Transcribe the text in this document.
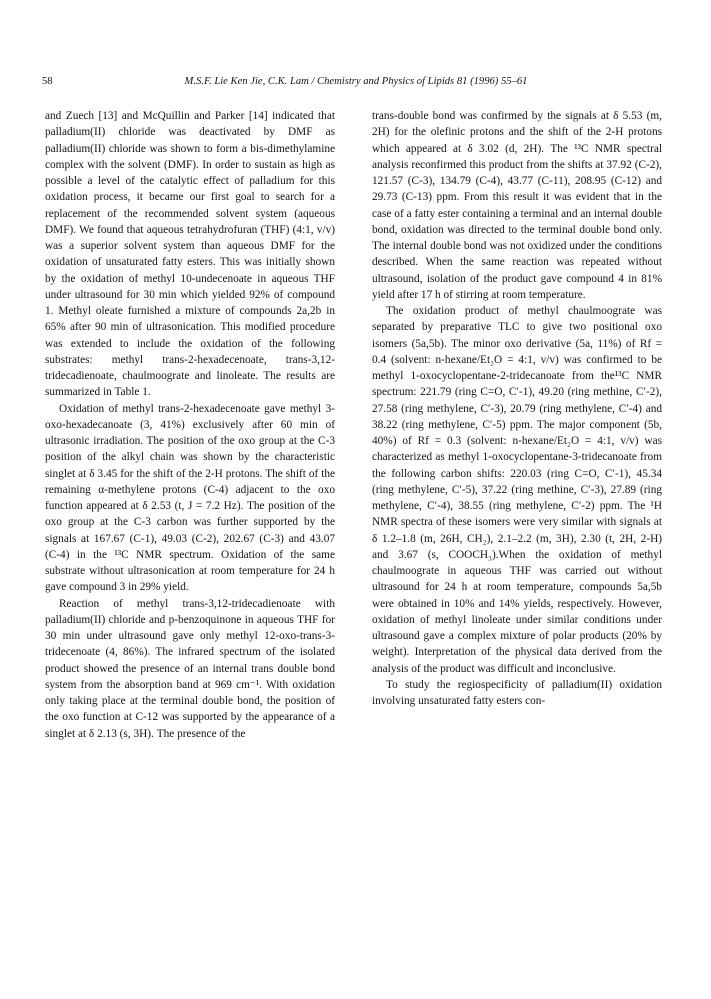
58	M.S.F. Lie Ken Jie, C.K. Lam / Chemistry and Physics of Lipids 81 (1996) 55–61

and Zuech [13] and McQuillin and Parker [14] indicated that palladium(II) chloride was deactivated by DMF as palladium(II) chloride was shown to form a bis-dimethylamine complex with the solvent (DMF). In order to sustain as high as possible a level of the catalytic effect of palladium for this oxidation process, it became our first goal to search for a replacement of the recommended solvent system (aqueous DMF). We found that aqueous tetrahydrofuran (THF) (4:1, v/v) was a superior solvent system than aqueous DMF for the oxidation of unsaturated fatty esters. This was initially shown by the oxidation of methyl 10-undecenoate in aqueous THF under ultrasound for 30 min which yielded 92% of compound 1. Methyl oleate furnished a mixture of compounds 2a,2b in 65% after 90 min of ultrasonication. This modified procedure was extended to include the oxidation of the following substrates: methyl trans-2-hexadecenoate, trans-3,12-tridecadienoate, chaulmoograte and linoleate. The results are summarized in Table 1.

Oxidation of methyl trans-2-hexadecenoate gave methyl 3-oxo-hexadecanoate (3, 41%) exclusively after 60 min of ultrasonic irradiation. The position of the oxo group at the C-3 position of the alkyl chain was shown by the characteristic singlet at δ 3.45 for the shift of the 2-H protons. The shift of the remaining α-methylene protons (C-4) adjacent to the oxo function appeared at δ 2.53 (t, J = 7.2 Hz). The position of the oxo group at the C-3 carbon was further supported by the signals at 167.67 (C-1), 49.03 (C-2), 202.67 (C-3) and 43.07 (C-4) in the ¹³C NMR spectrum. Oxidation of the same substrate without ultrasonication at room temperature for 24 h gave compound 3 in 29% yield.

Reaction of methyl trans-3,12-tridecadienoate with palladium(II) chloride and p-benzoquinone in aqueous THF for 30 min under ultrasound gave only methyl 12-oxo-trans-3-tridecenoate (4, 86%). The infrared spectrum of the isolated product showed the presence of an internal trans double bond system from the absorption band at 969 cm⁻¹. With oxidation only taking place at the terminal double bond, the position of the oxo function at C-12 was supported by the appearance of a singlet at δ 2.13 (s, 3H). The presence of the

trans-double bond was confirmed by the signals at δ 5.53 (m, 2H) for the olefinic protons and the shift of the 2-H protons which appeared at δ 3.02 (d, 2H). The ¹³C NMR spectral analysis reconfirmed this product from the shifts at 37.92 (C-2), 121.57 (C-3), 134.79 (C-4), 43.77 (C-11), 208.95 (C-12) and 29.73 (C-13) ppm. From this result it was evident that in the case of a fatty ester containing a terminal and an internal double bond, oxidation was directed to the terminal double bond only. The internal double bond was not oxidized under the conditions described. When the same reaction was repeated without ultrasound, isolation of the product gave compound 4 in 81% yield after 17 h of stirring at room temperature.

The oxidation product of methyl chaulmoograte was separated by preparative TLC to give two positional oxo isomers (5a,5b). The minor oxo derivative (5a, 11%) of Rf = 0.4 (solvent: n-hexane/Et₂O = 4:1, v/v) was confirmed to be methyl 1-oxocyclopentane-2-tridecanoate from the¹³C NMR spectrum: 221.79 (ring C=O, C′-1), 49.20 (ring methine, C′-2), 27.58 (ring methylene, C′-3), 20.79 (ring methylene, C′-4) and 38.22 (ring methylene, C′-5) ppm. The major component (5b, 40%) of Rf = 0.3 (solvent: n-hexane/Et₂O = 4:1, v/v) was characterized as methyl 1-oxocyclopentane-3-tridecanoate from the following carbon shifts: 220.03 (ring C=O, C′-1), 45.34 (ring methylene, C′-5), 37.22 (ring methine, C′-3), 27.89 (ring methylene, C′-4), 38.55 (ring methylene, C′-2) ppm. The ¹H NMR spectra of these isomers were very similar with signals at δ 1.2–1.8 (m, 26H, CH₂), 2.1–2.2 (m, 3H), 2.30 (t, 2H, 2-H) and 3.67 (s, COOCH₃).When the oxidation of methyl chaulmoograte in aqueous THF was carried out without ultrasound for 24 h at room temperature, compounds 5a,5b were obtained in 10% and 14% yields, respectively. However, oxidation of methyl linoleate under similar conditions under ultrasound gave a complex mixture of polar products (20% by weight). Interpretation of the physical data derived from the analysis of the product was difficult and inconclusive.

To study the regiospecificity of palladium(II) oxidation involving unsaturated fatty esters con-
